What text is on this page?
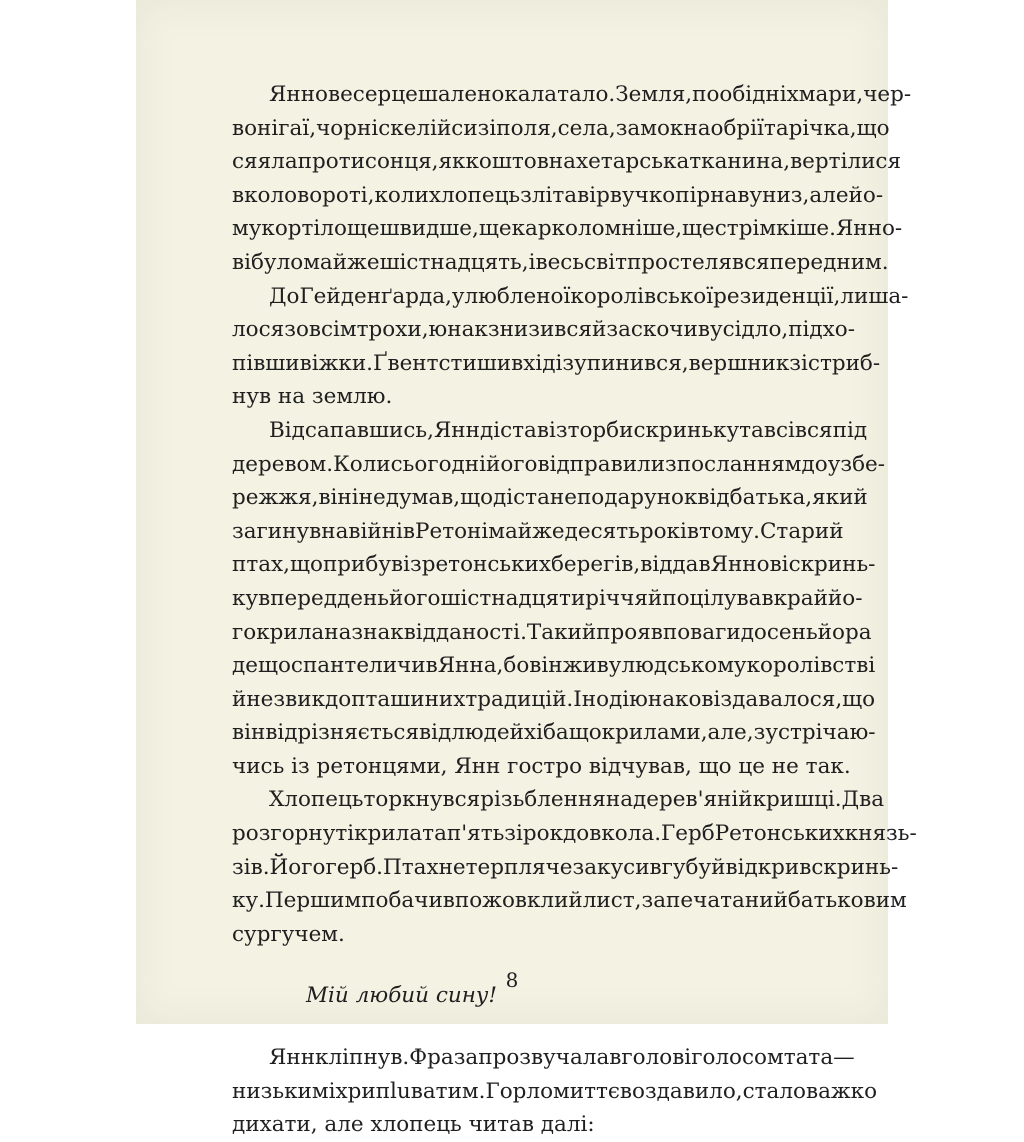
Яннове серце шалено калатало. Земля, пообідні хмари, чер-
воні гаї, чорні скелі й сизі поля, села, замок на обрії та річка, що
сяяла проти сонця, як коштовна хетарська тканина, вертілися
в коловороті, коли хлопець злітав і рвучко пірнав униз, але йо-
му кортіло ще швидше, ще карколомніше, ще стрімкіше. Янно-
ві було майже шістнадцять, і весь світ простелявся перед ним.

До Гейденґарда, улюбленої королівської резиденції, лиша-
лося зовсім трохи, юнак знизився й заскочив у сідло, підхо-
півши віжки. Ґвент стишив хід і зупинився, вершник зістриб-
нув на землю.

Відсапавшись, Янн дістав із торби скриньку та всівся під
деревом. Коли сьогодні його відправили з посланням до узбе-
режжя, він і не думав, що дістане подарунок від батька, який
загинув на війні в Ретоні майже десять років тому. Старий
птах, що прибув із ретонських берегів, віддав Яннові скринь-
ку в переддень його шістнадцятиріччя й поцілував край йо-
го крила на знак відданості. Такий прояв поваги до сеньйора
дещо спантеличив Янна, бо він жив у людському королівстві
й не звик до пташиних традицій. Іноді юнакові здавалося, що
він відрізняється від людей хіба що крилами, але, зустрічаю-
чись із ретонцями, Янн гостро відчував, що це не так.

Хлопець торкнувся різьблення на дерев'яній кришці. Два
розгорнуті крила та п'ять зірок довкола. Герб Ретонських князь-
зів. Його герб. Птах нетерпляче закусив губу й відкрив скринь-
ку. Першим побачив пожовклий лист, запечатаний батьковим
сургучем.

Мій любий сину!

Янн кліпнув. Фраза прозвучала в голові голосом тата —
низьким і хрипluватим. Горло миттєво здавило, стало важко
дихати, але хлопець читав далі:

8
